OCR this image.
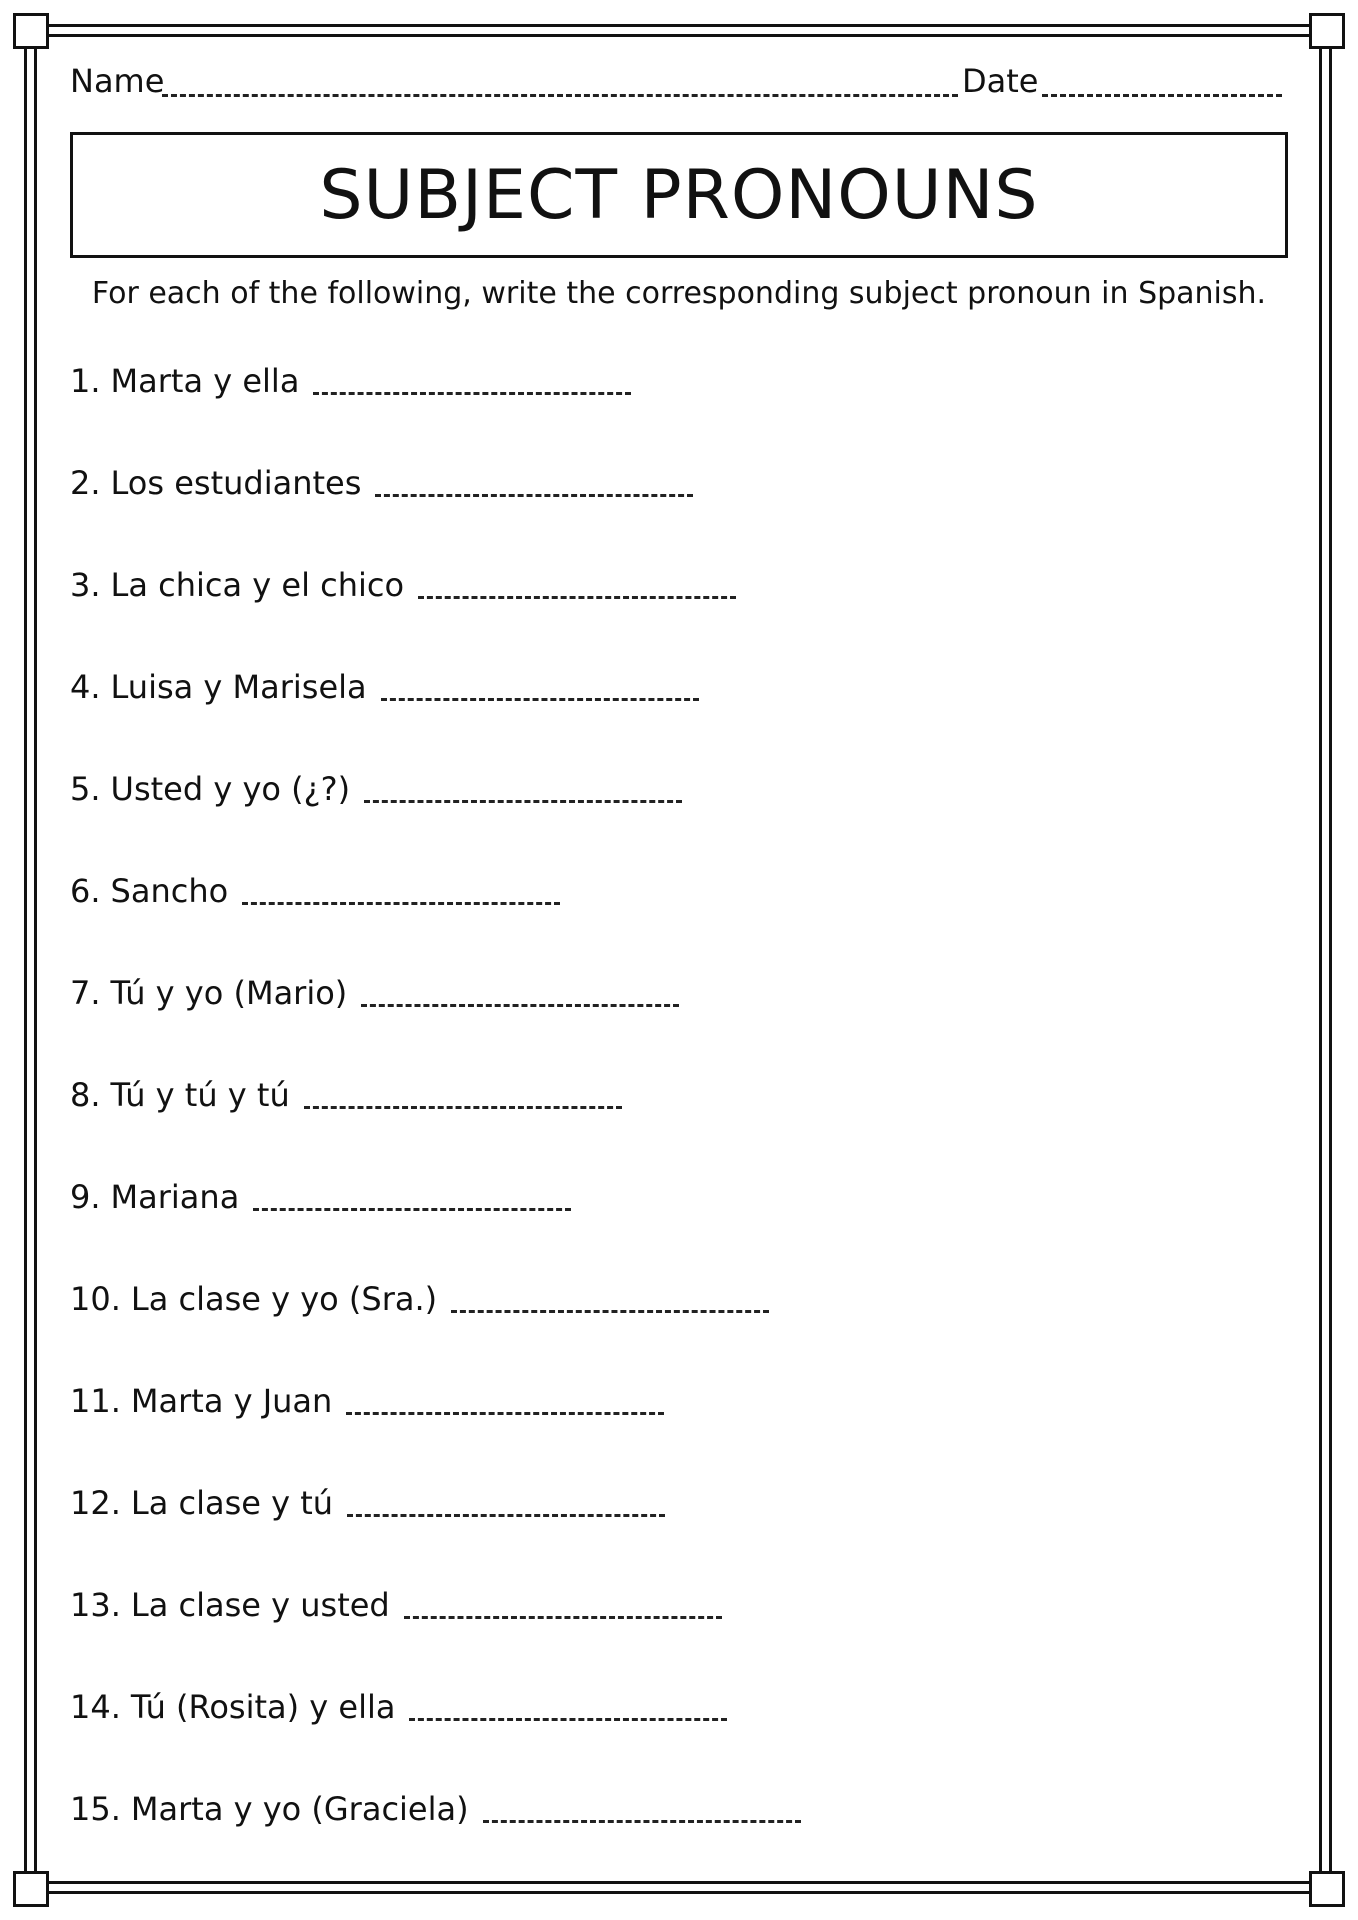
Name	Date
SUBJECT PRONOUNS
For each of the following, write the corresponding subject pronoun in Spanish.
1. Marta y ella
2. Los estudiantes
3. La chica y el chico
4. Luisa y Marisela
5. Usted y yo (¿?)
6. Sancho
7. Tú y yo (Mario)
8. Tú y tú y tú
9. Mariana
10. La clase y yo (Sra.)
11. Marta y Juan
12. La clase y tú
13. La clase y usted
14. Tú (Rosita) y ella
15. Marta y yo (Graciela)
